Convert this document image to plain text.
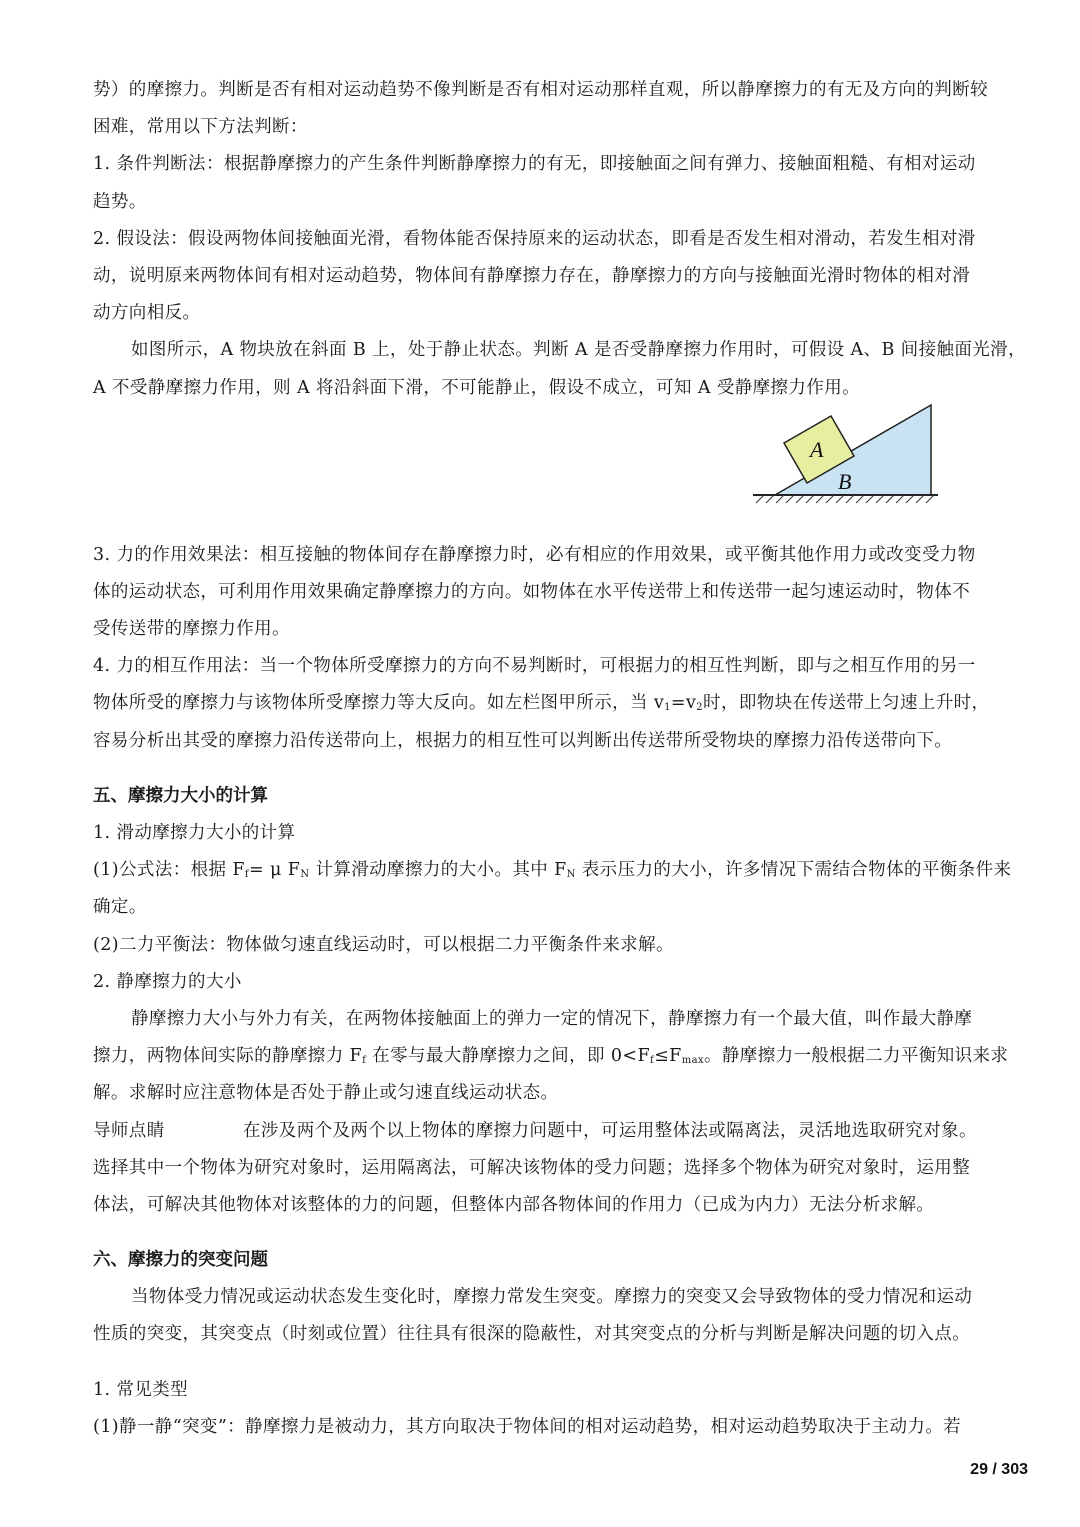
势）的摩擦力。判断是否有相对运动趋势不像判断是否有相对运动那样直观，所以静摩擦力的有无及方向的判断较
困难，常用以下方法判断：
1. 条件判断法：根据静摩擦力的产生条件判断静摩擦力的有无，即接触面之间有弹力、接触面粗糙、有相对运动
趋势。
2. 假设法：假设两物体间接触面光滑，看物体能否保持原来的运动状态，即看是否发生相对滑动，若发生相对滑
动，说明原来两物体间有相对运动趋势，物体间有静摩擦力存在，静摩擦力的方向与接触面光滑时物体的相对滑
动方向相反。
如图所示，A 物块放在斜面 B 上，处于静止状态。判断 A 是否受静摩擦力作用时，可假设 A、B 间接触面光滑，
A 不受静摩擦力作用，则 A 将沿斜面下滑，不可能静止，假设不成立，可知 A 受静摩擦力作用。
A
B
3. 力的作用效果法：相互接触的物体间存在静摩擦力时，必有相应的作用效果，或平衡其他作用力或改变受力物
体的运动状态，可利用作用效果确定静摩擦力的方向。如物体在水平传送带上和传送带一起匀速运动时，物体不
受传送带的摩擦力作用。
4. 力的相互作用法：当一个物体所受摩擦力的方向不易判断时，可根据力的相互性判断，即与之相互作用的另一
物体所受的摩擦力与该物体所受摩擦力等大反向。如左栏图甲所示，当 $v_1=v_2$时，即物块在传送带上匀速上升时，
容易分析出其受的摩擦力沿传送带向上，根据力的相互性可以判断出传送带所受物块的摩擦力沿传送带向下。
五、摩擦力大小的计算
1. 滑动摩擦力大小的计算
(1)公式法：根据 $F_f= \mu$ $F_N$ 计算滑动摩擦力的大小。其中 $F_N$ 表示压力的大小，许多情况下需结合物体的平衡条件来
确定。
(2)二力平衡法：物体做匀速直线运动时，可以根据二力平衡条件来求解。
2. 静摩擦力的大小
静摩擦力大小与外力有关，在两物体接触面上的弹力一定的情况下，静摩擦力有一个最大值，叫作最大静摩
擦力，两物体间实际的静摩擦力 $F_f$ 在零与最大静摩擦力之间，即 $0<F_f\le F_{max}$。静摩擦力一般根据二力平衡知识来求
解。求解时应注意物体是否处于静止或匀速直线运动状态。
导师点睛	在涉及两个及两个以上物体的摩擦力问题中，可运用整体法或隔离法，灵活地选取研究对象。
选择其中一个物体为研究对象时，运用隔离法，可解决该物体的受力问题；选择多个物体为研究对象时，运用整
体法，可解决其他物体对该整体的力的问题，但整体内部各物体间的作用力（已成为内力）无法分析求解。
六、摩擦力的突变问题
当物体受力情况或运动状态发生变化时，摩擦力常发生突变。摩擦力的突变又会导致物体的受力情况和运动
性质的突变，其突变点（时刻或位置）往往具有很深的隐蔽性，对其突变点的分析与判断是解决问题的切入点。
1. 常见类型
(1)静一静“突变”：静摩擦力是被动力，其方向取决于物体间的相对运动趋势，相对运动趋势取决于主动力。若
29 / 303
